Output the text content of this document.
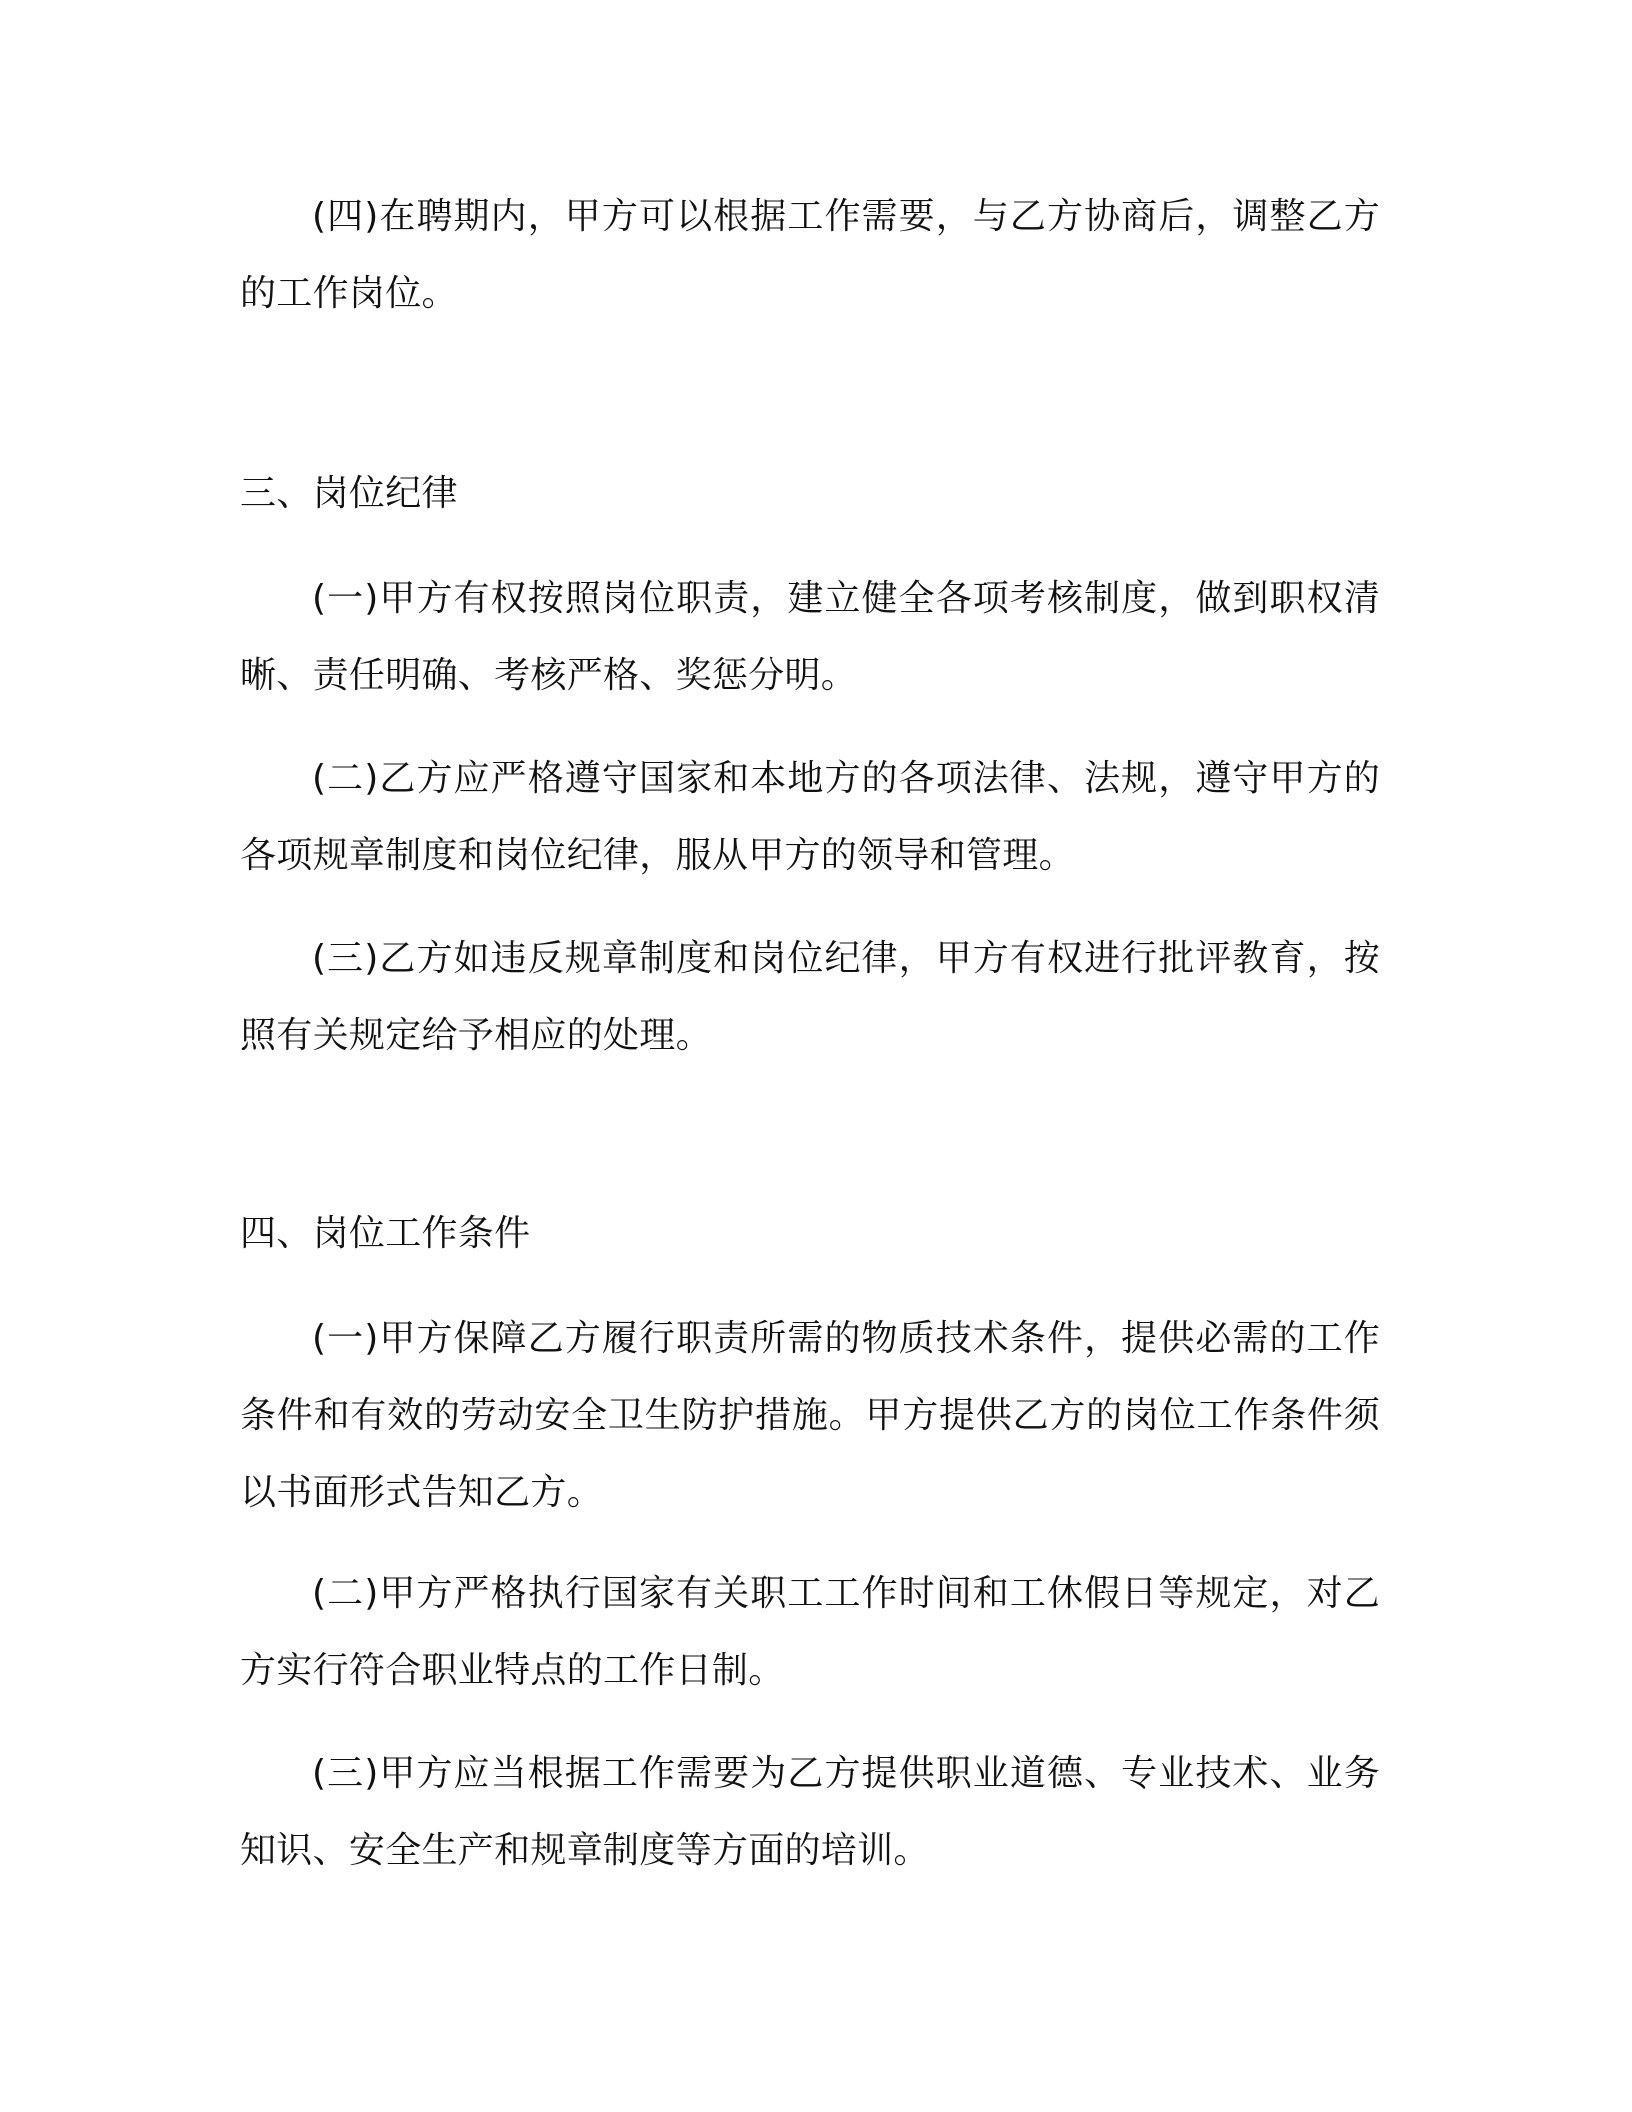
(四)在聘期内，甲方可以根据工作需要，与乙方协商后，调整乙方的工作岗位。

三、岗位纪律

(一)甲方有权按照岗位职责，建立健全各项考核制度，做到职权清晰、责任明确、考核严格、奖惩分明。

(二)乙方应严格遵守国家和本地方的各项法律、法规，遵守甲方的各项规章制度和岗位纪律，服从甲方的领导和管理。

(三)乙方如违反规章制度和岗位纪律，甲方有权进行批评教育，按照有关规定给予相应的处理。

四、岗位工作条件

(一)甲方保障乙方履行职责所需的物质技术条件，提供必需的工作条件和有效的劳动安全卫生防护措施。甲方提供乙方的岗位工作条件须以书面形式告知乙方。

(二)甲方严格执行国家有关职工工作时间和工休假日等规定，对乙方实行符合职业特点的工作日制。

(三)甲方应当根据工作需要为乙方提供职业道德、专业技术、业务知识、安全生产和规章制度等方面的培训。
